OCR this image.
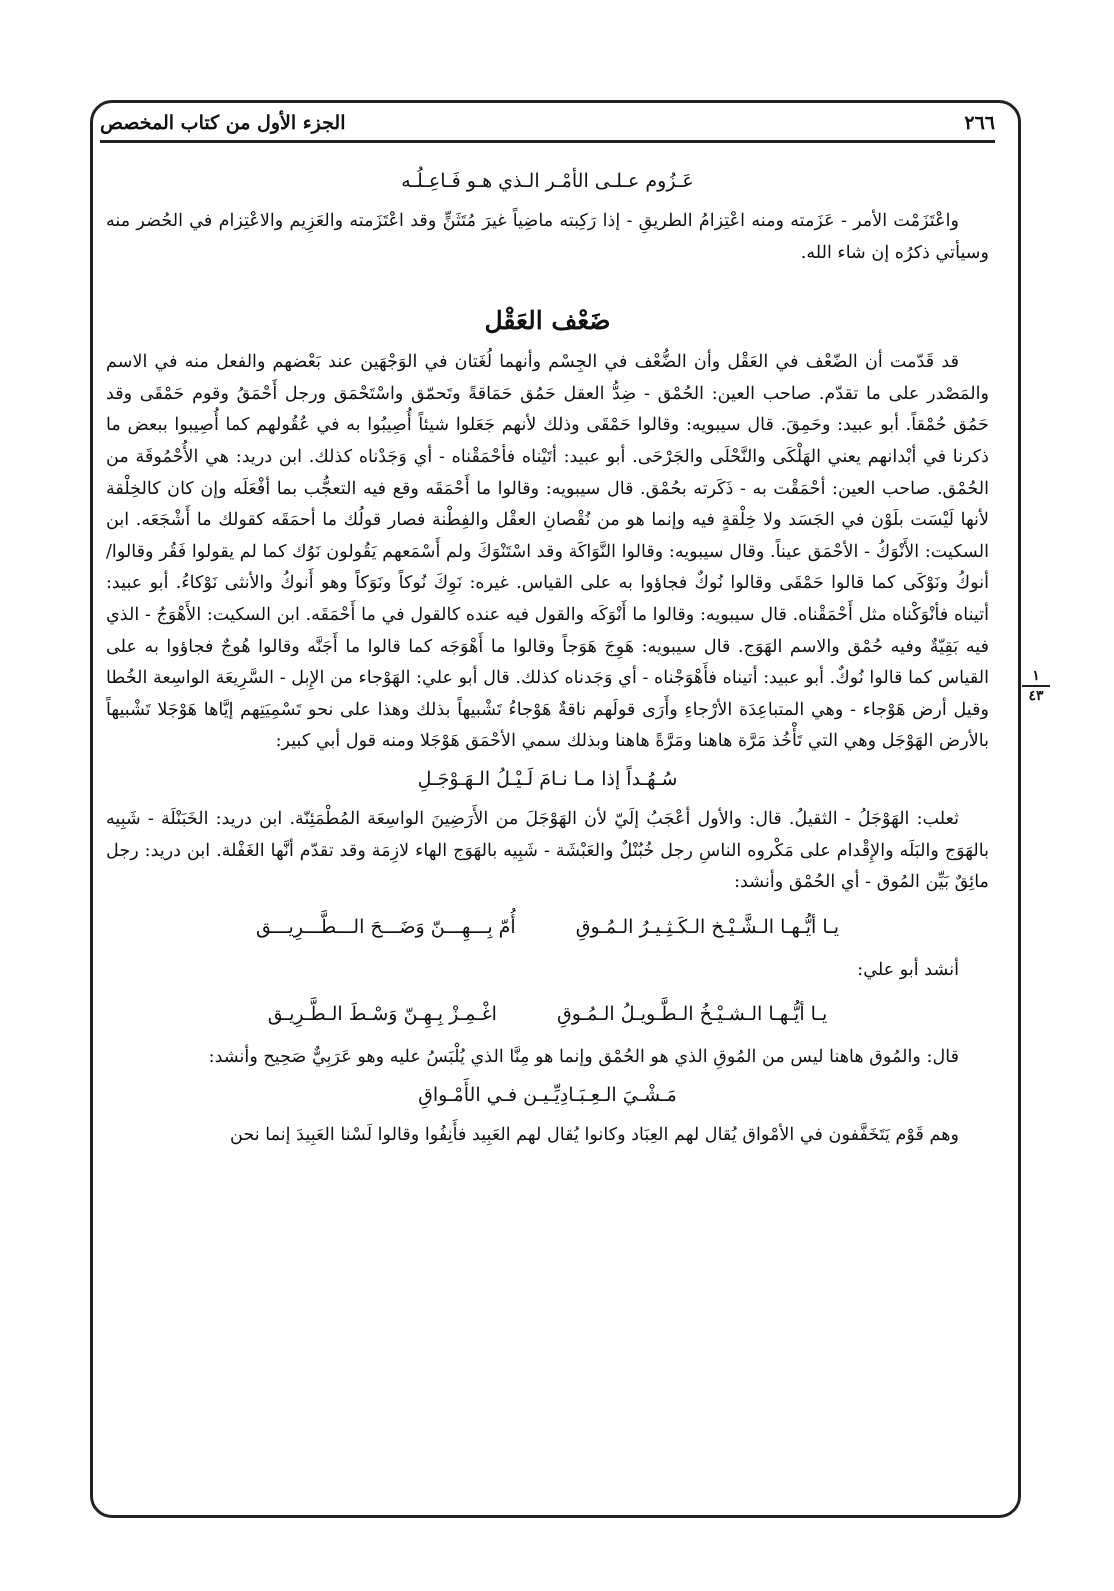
الجزء الأول من كتاب المخصص	٢٦٦
١
٤٣
عَـزُوم عـلـى الأمْـر الـذي هـو فَـاعِـلُـه

واعْتَزَمْت الأمر - عَزَمته ومنه اعْتِزامُ الطريقِ - إذا رَكِبته ماضِياً غيرَ مُتَثَنٍّ وقد اعْتَزَمته والعَزِيم والاعْتِزام في الحُضر منه وسيأتي ذكرُه إن شاء الله.

ضَعْف العَقْل

قد قَدّمت أن الضّعْف في العَقْل وأن الضُّعْف في الجِسْم وأنهما لُغَتان في الوَجْهَين عند بَعْضهم والفعل منه في الاسم والمَصْدر على ما تقدّم. صاحب العين: الحُمْق - ضِدُّ العقل حَمُق حَمَاقةً وتَحمّق واسْتَحْمَق ورجل أَحْمَقُ وقوم حَمْقَى وقد حَمُق حُمْقاً. أبو عبيد: وحَمِقَ. قال سيبويه: وقالوا حَمْقَى وذلك لأنهم جَعَلوا شيئاً أُصِيبُوا به في عُقُولهم كما أُصِيبوا ببعض ما ذكرنا في أبْدانهم يعني الهَلْكَى والنَّحْلَى والجَرْحَى. أبو عبيد: أتَيْناه فأحْمَقْناه - أي وَجَدْناه كذلك. ابن دريد: هي الأُحْمُوقَة من الحُمْق. صاحب العين: أحْمَقْت به - ذَكَرته بحُمْق. قال سيبويه: وقالوا ما أَحْمَقَه وقع فيه التعجُّب بما أفْعَلَه وإن كان كالخِلْقة لأنها لَيْسَت بلَوْن في الجَسَد ولا خِلْقةٍ فيه وإنما هو من نُقْصانِ العقْل والفِطْنة فصار قولُك ما أحمَقَه كقولك ما أَشْجَعَه. ابن السكيت: الأَنْوَكُ - الأحْمَق عيناً. وقال سيبويه: وقالوا النَّوَاكَة وقد اسْتَنْوَكَ ولم أَسْمَعهم يَقُولون نَوُك كما لم يقولوا فَقُر وقالوا/ أنوكُ ونَوْكَى كما قالوا حَمْقَى وقالوا نُوكٌ فجاؤوا به على القياس. غيره: نَوِكَ نُوكاً ونَوَكاً وهو أَنوكُ والأنثى نَوْكاءُ. أبو عبيد: أتيناه فأنْوَكْناه مثل أَحْمَقْناه. قال سيبويه: وقالوا ما أَنْوَكَه والقول فيه عنده كالقول في ما أَحْمَقَه. ابن السكيت: الأَهْوَجُ - الذي فيه بَقِيّةٌ وفيه حُمْق والاسم الهَوَج. قال سيبويه: هَوِجَ هَوَجاً وقالوا ما أَهْوَجَه كما قالوا ما أَجَنَّه وقالوا هُوجٌ فجاؤوا به على القياس كما قالوا نُوكٌ. أبو عبيد: أتيناه فأَهْوَجْناه - أي وَجَدناه كذلك. قال أبو علي: الهَوْجاء من الإِبل - السَّرِيعَة الواسِعة الخُطا وقيل أرض هَوْجاء - وهي المتباعِدَة الأرْجاءِ وأَرَى قولَهم ناقةٌ هَوْجاءُ تَشْبيهاً بذلك وهذا على نحو تَسْمِيَتِهم إيَّاها هَوْجَلا تَشْبيهاً بالأرض الهَوْجَل وهي التي تَأْخُذ مَرَّة هاهنا ومَرَّةً هاهنا وبذلك سمي الأحْمَق هَوْجَلا ومنه قول أبي كبير:

سُـهُـداً إذا مـا نـامَ لَـيْـلُ الـهَـوْجَـلِ

ثعلب: الهَوْجَلُ - الثقيلُ. قال: والأول أعْجَبُ إلَيّ لأن الهَوْجَلَ من الأَرَضِينَ الواسِعَة المُطْمَئِنّة. ابن دريد: الخَبَنْلَة - شَبِيه بالهَوَج والبَلَه والإِقْدام على مَكْروه الناسِ رجل خُبُنْلٌ والعَبْشَة - شَبِيه بالهَوَج الهاء لازِمَة وقد تقدّم أنَّها الغَفْلة. ابن دريد: رجل مائِقٌ بَيِّن المُوق - أي الحُمْق وأنشد:

يـا أيُّـهـا الـشَّـيْـخ الـكَـثِـيـرُ الـمُـوقِ
أُمّ بِـــهِـــنّ وَضَـــحَ الـــطَّـــرِيـــق

أنشد أبو علي:

يـا أيُّـهـا الـشـيْـخُ الـطَّـويـلُ الـمُـوقِ
اغْـمِـزْ بِـهِـنّ وَسْـطَ الـطَّـرِيـق

قال: والمُوق هاهنا ليس من المُوقِ الذي هو الحُمْق وإنما هو مِنَّا الذي يُلْبَسُ عليه وهو عَرَبِيٌّ صَحِيح وأنشد:

مَـشْـيَ الـعِـبَـادِيِّـيـن فـي الأَمْـواقِ

وهم قَوْم يَتَخَفَّفون في الأمْواق يُقال لهم العِبَاد وكانوا يُقال لهم العَبِيد فأَنِفُوا وقالوا لَسْنا العَبِيدَ إنما نحن
